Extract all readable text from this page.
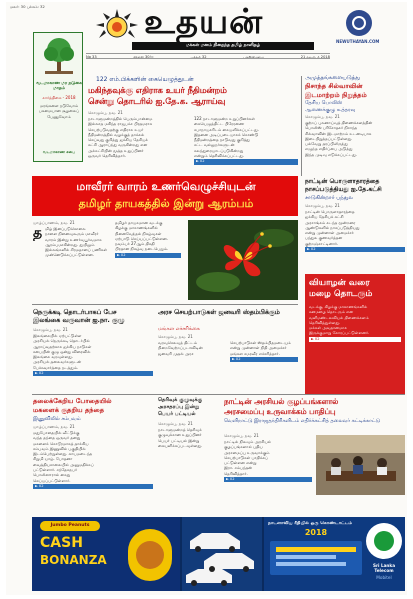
மலர்: 30 பக்கம்: 32	உதயன்
மக்கள் மனம் நிறைந்த தமிழ் நாளிதழ்
NEWUTHAYAN.COM
No 33	விலை 30/=	பக்கம் 32	புதன்கிழமை	21 நவம்பர் 2018
வடமாகாண மர நடுகை மாதம்
கார்த்திகை - 2018
மரங்களை நடுவோம்
பசுமையான சூழலைப்
பேணுவோம்
வடமாகாண சபை
122 எம்.பிக்களின் கையெழுத்துடன்
மகிந்தவுக்கு எதிராக உயர் நீதிமன்றம்
சென்று தொடரில் ஐ.தே.க. ஆராய்வு
கொழும்பு, நவ. 21
நாடாளுமன்றத்தில் பெரும்பான்மை
இல்லாத மகிந்த ராஜபக்ச பிரதமராக
செயற்படுவதற்கு எதிராக உயர்
நீதிமன்றத்தில் வழக்குத் தாக்கல்
செய்வது குறித்து ஐக்கிய தேசியக்
கட்சி ஆராய்ந்து வருகின்றது என
அக்கட்சியின் மூத்த உறுப்பினர்
ஒருவர் தெரிவித்தார்.
122 நாடாளுமன்ற உறுப்பினர்கள்
கையெழுத்திட்ட பிரேரணை
சபாநாயகரிடம் கையளிக்கப்பட்டது.
இதனை அடிப்படையாகக் கொண்டு
நீதிமன்றத்தை நாடுவது குறித்து
சட்ட வல்லுநர்களுடன்
கலந்துரையாடப்படுகின்றது
என்றும் தெரிவிக்கப்பட்டது.
► 02
அமுத்தங்களையடுத்து
நிசாந்த சில்வாவின்
இடமாற்றம் நிறுத்தம்
தேசிய பொலிஸ்
ஆணைக்குழு உத்தரவு
கொழும்பு, நவ. 21
குற்றப் புலனாய்வுத் திணைக்களத்தின்
பொலிஸ் பரிசோதகர் நிசாந்த
சில்வாவின் இடமாற்றம் உடனடியாக
இடைநிறுத்தப்பட்டுள்ளது.
பல்வேறு தரப்பிலிருந்து
எழுந்த எதிர்ப்பை அடுத்து
இந்த முடிவு எடுக்கப்பட்டது.
மாவீரர் வாரம் உணர்வெழுச்சியுடன்
தமிழர் தாயகத்தில் இன்று ஆரம்பம்
யாழ்ப்பாணம், நவ. 21
த மிழ் இனப்படுகொலை
நாளை நினைவுகூரும் மாவீரர்
வாரம் இன்று உணர்வுபூர்வமாக
ஆரம்பமாகின்றது. துயிலும்
இல்லங்களில் சிரமதானப் பணிகள்
முன்னெடுக்கப்பட்டுள்ளன.
தமிழர் தாயகமான வடக்கு
கிழக்கு மாகாணங்களில்
நினைவேந்தல் நிகழ்வுகள்
ஏற்பாடு செய்யப்பட்டுள்ளன.
நவம்பர் 27ஆம் திகதி
பிரதான நிகழ்வு நடைபெறும்.
► 02
நாட்டின் பொருளாதாரத்தை
நாசப்படுத்தியது ஐ.தே.கட்சி
சாடுகின்றார் பந்துல
கொழும்பு, நவ. 21
நாட்டின் பொருளாதாரத்தை
ஐக்கிய தேசியக் கட்சி
அரசாங்கம் கடந்த மூன்றரை
ஆண்டுகளில் நாசப்படுத்தியது
என்று முன்னாள் அமைச்சர்
பந்துல குணவர்த்தன
குற்றஞ்சாட்டினார்.
► 02
நெருக்கடி தொடர்பாகப் பேச
இலங்கை வருவான் ஐ.நா. குழு
கொழும்பு, நவ. 21
இலங்கையில் ஏற்பட்டுள்ள
அரசியல் நெருக்கடி தொடர்பில்
ஆராய்வதற்காக ஐக்கிய நாடுகள்
சபையின் குழு ஒன்று விரைவில்
இலங்கை வரவுள்ளது.
அரசியல் தலைவர்களுடன்
பேச்சுவார்த்தை நடத்தும்.
► 02
அரச செயற்பாடுகள் ஜனவரி ஸ்தம்பிக்கும்
மங்கள எச்சரிக்கை
கொழும்பு, நவ. 21
வரவுசெலவுத் திட்டம்
நிறைவேற்றப்படாவிடின்
ஜனவரி முதல் அரச
செயற்பாடுகள் ஸ்தம்பிதமடையும்
என்று முன்னாள் நிதி அமைச்சர்
மங்கள சமரவீர எச்சரித்தார்.
► 02
வியாழன் வரை
மழை தொடரும்
வடக்கு, கிழக்கு மாகாணங்களில்
கனமழை தொடரும் என
வளிமண்டலவியல் திணைக்களம்
தெரிவித்துள்ளது.
மக்கள் அவதானமாக
இருக்குமாறு கோரப்பட்டுள்ளனர்.
► 02
தலைக்கேறிய போதையில்
மகளைக் குதறிய தந்தை
இணுவிலில் சம்பவம்
யாழ்ப்பாணம், நவ. 21
மதுபோதையில் வீட்டுக்கு
வந்த தந்தை ஒருவர் தனது
மகளைக் கொடூரமாகத் தாக்கிய
சம்பவம் இணுவில் பகுதியில்
இடம்பெற்றுள்ளது. காயமடைந்த
சிறுமி யாழ். போதனா
வைத்தியசாலையில் அனுமதிக்கப்
பட்டுள்ளார். சந்தேகநபர்
பொலிஸாரால் கைது
செய்யப்பட்டுள்ளார்.
► 02
தெரிவுக் குழுவுக்கு
அரசதரப்பு இன்று
பெயர் பட்டியல்
கொழும்பு, நவ. 21
நாடாளுமன்றத் தெரிவுக்
குழுவுக்கான உறுப்பினர்
பெயர் பட்டியல் இன்று
கையளிக்கப்படவுள்ளது.
நாட்டின் அரசியல் குழப்பங்களால்
அரசமைப்பு உருவாக்கம் பாதிப்பு
வெளிநாட்டு இராஜதந்திரிகளிடம் எதிர்க்கட்சித் தலைவர் கட்டிக்காட்டு
கொழும்பு, நவ. 21
நாட்டில் நிலவும் அரசியல்
குழப்பங்களால் புதிய
அரசமைப்பு உருவாக்கும்
செயற்பாடுகள் பாதிக்கப்
பட்டுள்ளன என்று
இரா. சம்பந்தன்
தெரிவித்தார்.
► 02
Jumbo Peanuts
CASH
BONANZA
நாடளாவிய ரீதியில் ஒரு கொண்டாட்டம்
2018
Sri Lanka Telecom
Mobitel
